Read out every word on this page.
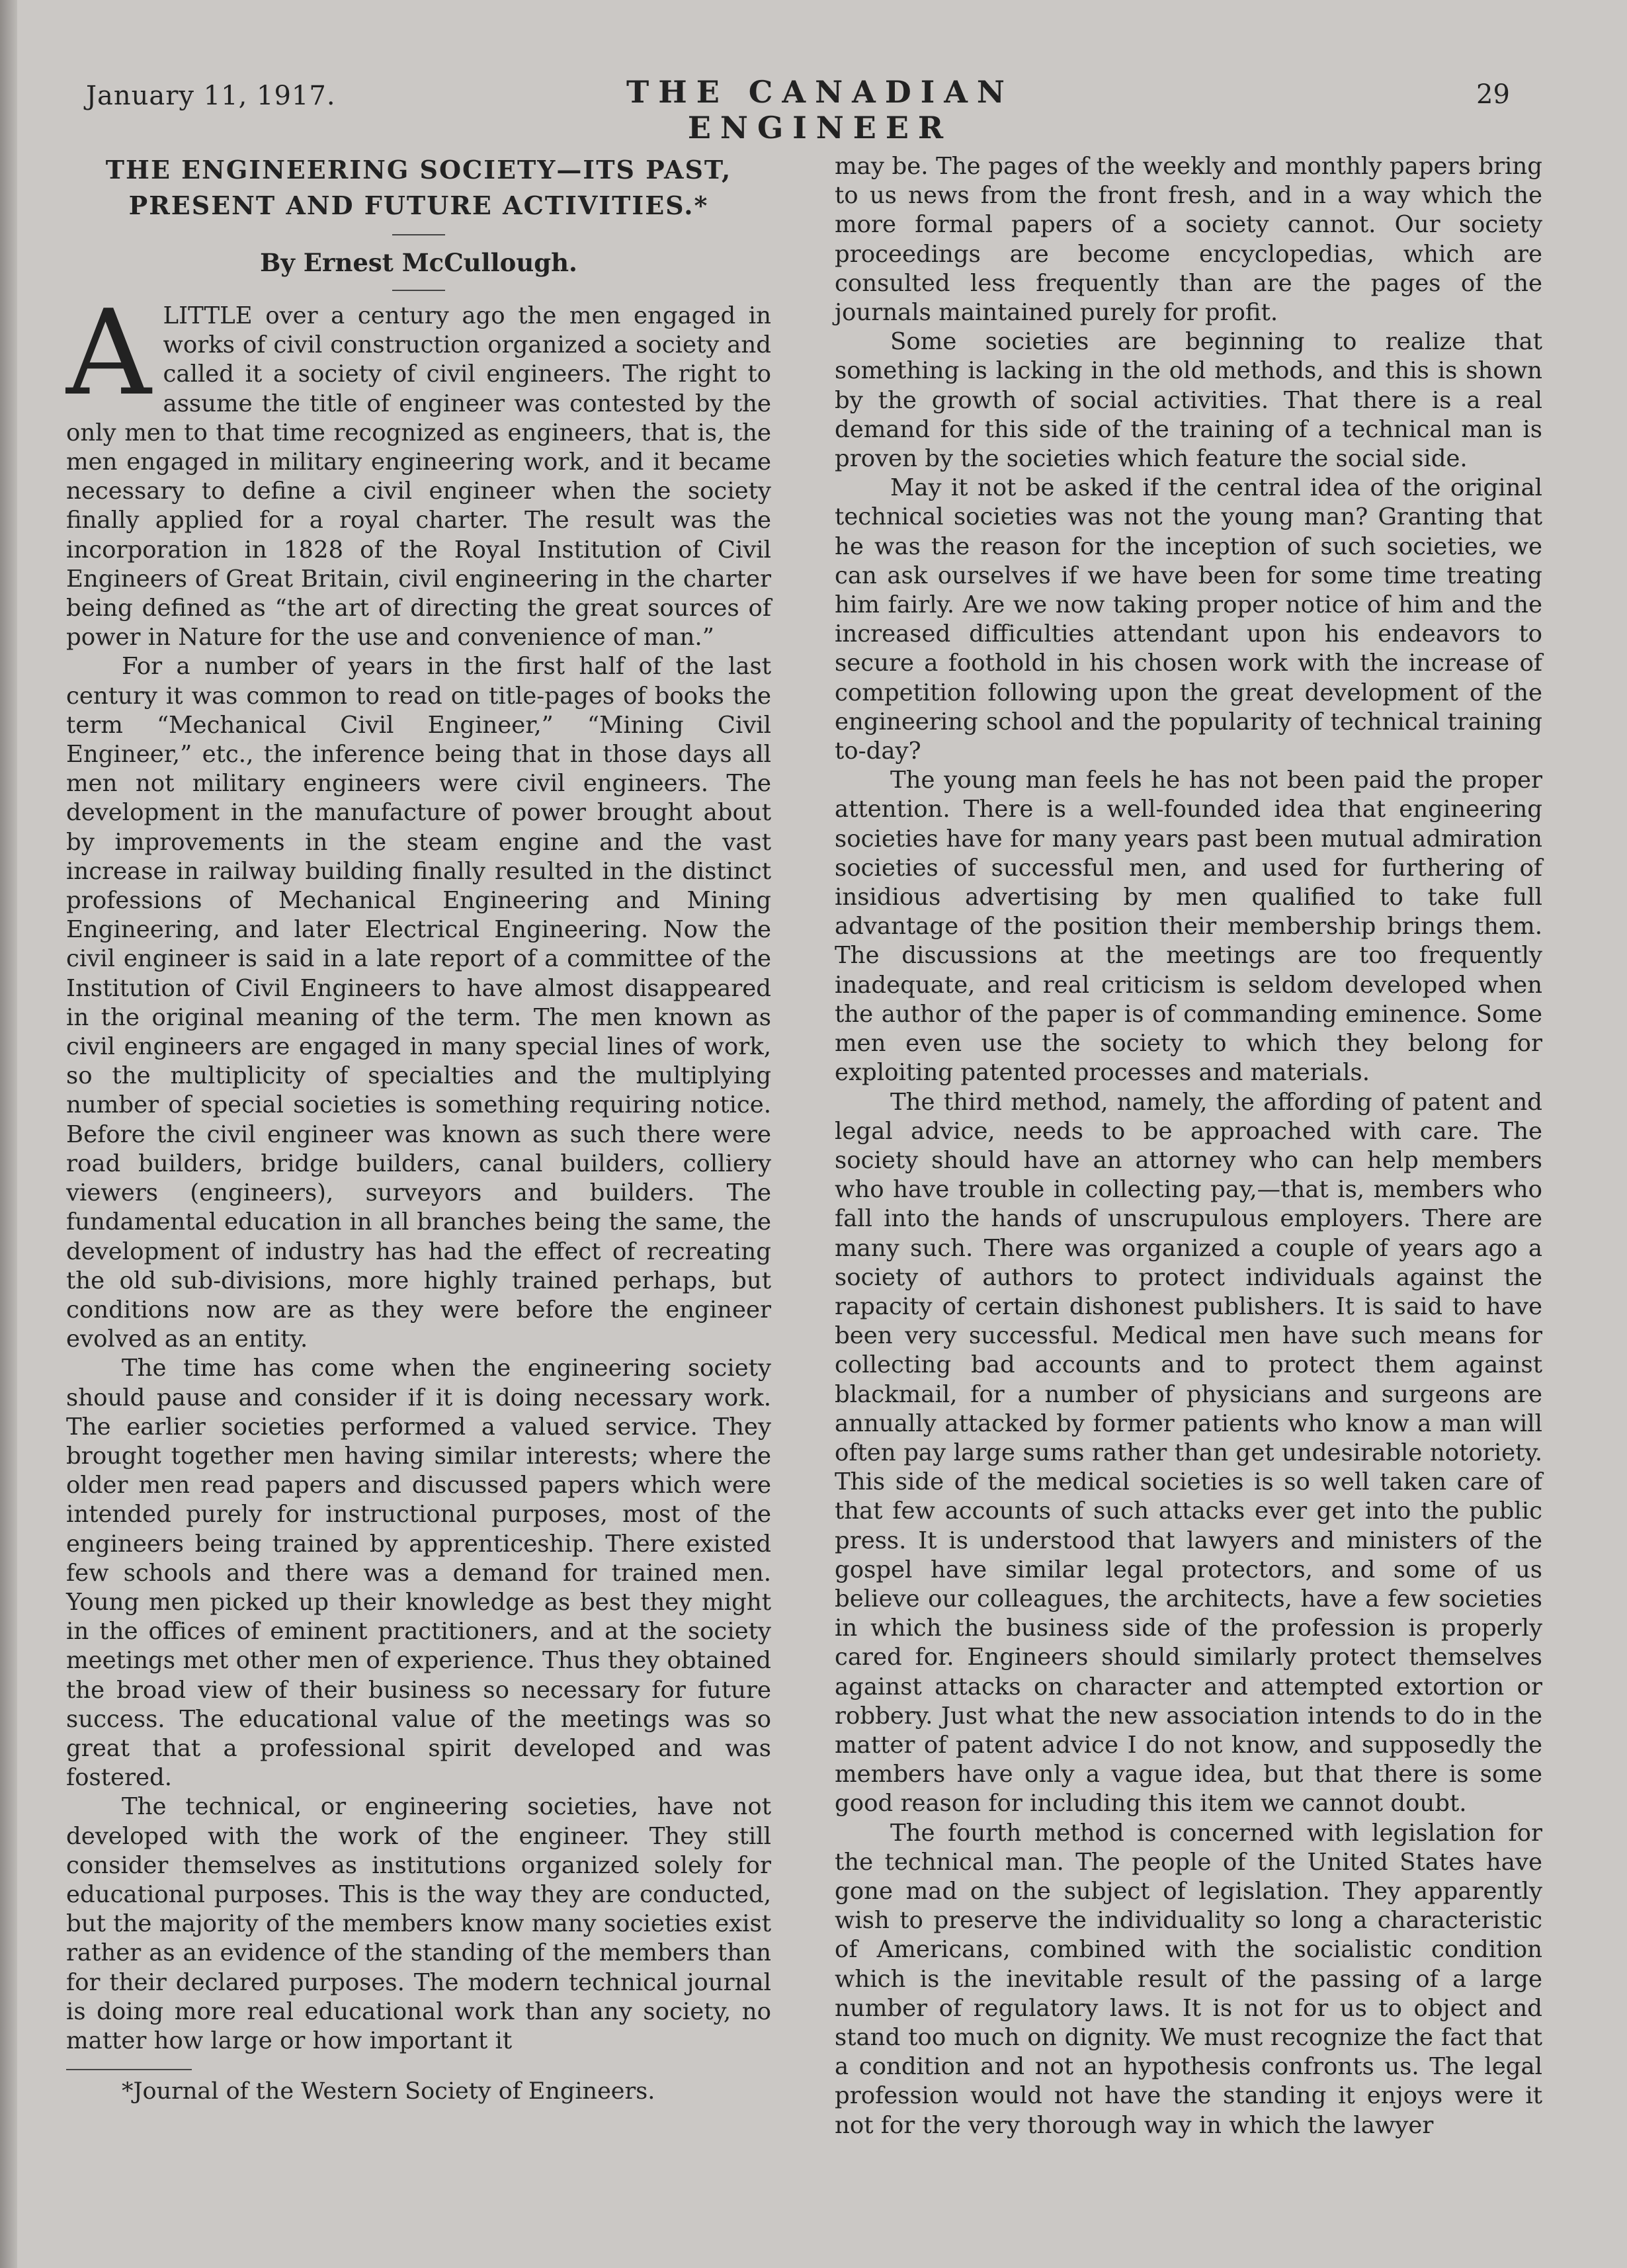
January 11, 1917.	THE CANADIAN ENGINEER
29

THE ENGINEERING SOCIETY—ITS PAST,

PRESENT AND FUTURE ACTIVITIES.*

By Ernest McCullough.

ALITTLE over a century ago the men engaged in works of civil construction organized a society and called it a society of civil engineers. The right to assume the title of engineer was contested by the only men to that time recognized as engineers, that is, the men engaged in military engineering work, and it became necessary to define a civil engineer when the society finally applied for a royal charter. The result was the incorporation in 1828 of the Royal Institution of Civil Engineers of Great Britain, civil engineering in the charter being defined as “the art of directing the great sources of power in Nature for the use and convenience of man.”

For a number of years in the first half of the last century it was common to read on title-pages of books the term “Mechanical Civil Engineer,” “Mining Civil Engineer,” etc., the inference being that in those days all men not military engineers were civil engineers. The development in the manufacture of power brought about by improvements in the steam engine and the vast increase in railway building finally resulted in the distinct professions of Mechanical Engineering and Mining Engineering, and later Electrical Engineering. Now the civil engineer is said in a late report of a committee of the Institution of Civil Engineers to have almost disappeared in the original meaning of the term. The men known as civil engineers are engaged in many special lines of work, so the multiplicity of specialties and the multiplying number of special societies is something requiring notice. Before the civil engineer was known as such there were road builders, bridge builders, canal builders, colliery viewers (engineers), surveyors and builders. The fundamental education in all branches being the same, the development of industry has had the effect of recreating the old sub-divisions, more highly trained perhaps, but conditions now are as they were before the engineer evolved as an entity.

The time has come when the engineering society should pause and consider if it is doing necessary work. The earlier societies performed a valued service. They brought together men having similar interests; where the older men read papers and discussed papers which were intended purely for instructional purposes, most of the engineers being trained by apprenticeship. There existed few schools and there was a demand for trained men. Young men picked up their knowledge as best they might in the offices of eminent practitioners, and at the society meetings met other men of experience. Thus they obtained the broad view of their business so necessary for future success. The educational value of the meetings was so great that a professional spirit developed and was fostered.

The technical, or engineering societies, have not developed with the work of the engineer. They still consider themselves as institutions organized solely for educational purposes. This is the way they are conducted, but the majority of the members know many societies exist rather as an evidence of the standing of the members than for their declared purposes. The modern technical journal is doing more real educational work than any society, no matter how large or how important it

*Journal of the Western Society of Engineers.

may be. The pages of the weekly and monthly papers bring to us news from the front fresh, and in a way which the more formal papers of a society cannot. Our society proceedings are become encyclopedias, which are consulted less frequently than are the pages of the journals maintained purely for profit.

Some societies are beginning to realize that something is lacking in the old methods, and this is shown by the growth of social activities. That there is a real demand for this side of the training of a technical man is proven by the societies which feature the social side.

May it not be asked if the central idea of the original technical societies was not the young man? Granting that he was the reason for the inception of such societies, we can ask ourselves if we have been for some time treating him fairly. Are we now taking proper notice of him and the increased difficulties attendant upon his endeavors to secure a foothold in his chosen work with the increase of competition following upon the great development of the engineering school and the popularity of technical training to-day?

The young man feels he has not been paid the proper attention. There is a well-founded idea that engineering societies have for many years past been mutual admiration societies of successful men, and used for furthering of insidious advertising by men qualified to take full advantage of the position their membership brings them. The discussions at the meetings are too frequently inadequate, and real criticism is seldom developed when the author of the paper is of commanding eminence. Some men even use the society to which they belong for exploiting patented processes and materials.

The third method, namely, the affording of patent and legal advice, needs to be approached with care. The society should have an attorney who can help members who have trouble in collecting pay,—that is, members who fall into the hands of unscrupulous employers. There are many such. There was organized a couple of years ago a society of authors to protect individuals against the rapacity of certain dishonest publishers. It is said to have been very successful. Medical men have such means for collecting bad accounts and to protect them against blackmail, for a number of physicians and surgeons are annually attacked by former patients who know a man will often pay large sums rather than get undesirable notoriety. This side of the medical societies is so well taken care of that few accounts of such attacks ever get into the public press. It is understood that lawyers and ministers of the gospel have similar legal protectors, and some of us believe our colleagues, the architects, have a few societies in which the business side of the profession is properly cared for. Engineers should similarly protect themselves against attacks on character and attempted extortion or robbery. Just what the new association intends to do in the matter of patent advice I do not know, and supposedly the members have only a vague idea, but that there is some good reason for including this item we cannot doubt.

The fourth method is concerned with legislation for the technical man. The people of the United States have gone mad on the subject of legislation. They apparently wish to preserve the individuality so long a characteristic of Americans, combined with the socialistic condition which is the inevitable result of the passing of a large number of regulatory laws. It is not for us to object and stand too much on dignity. We must recognize the fact that a condition and not an hypothesis confronts us. The legal profession would not have the standing it enjoys were it not for the very thorough way in which the lawyer
